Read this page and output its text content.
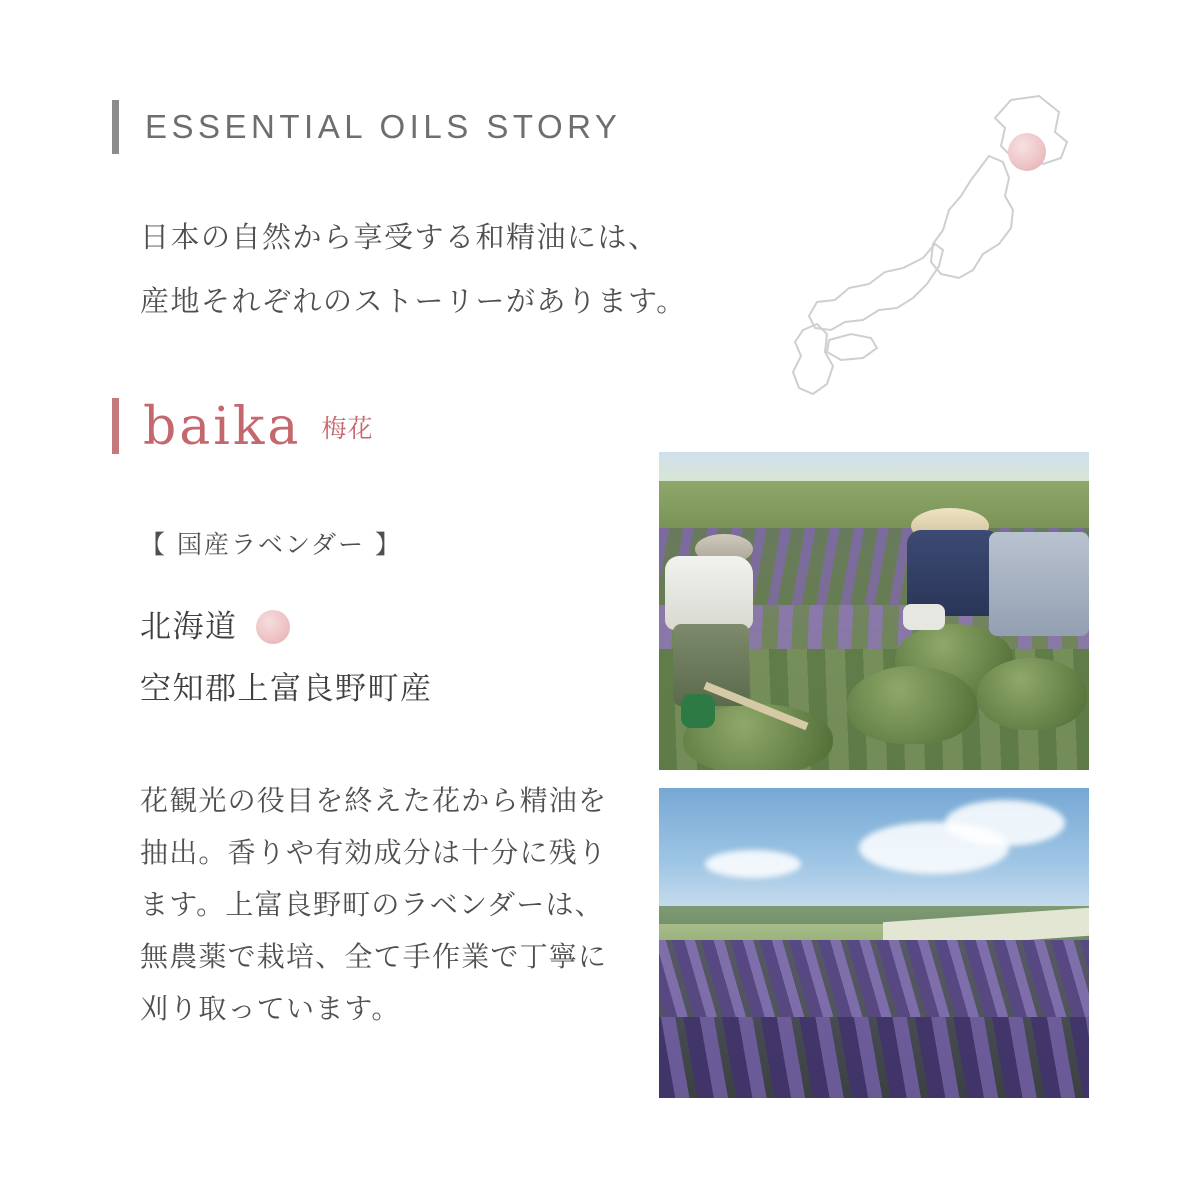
ESSENTIAL OILS STORY
日本の自然から享受する和精油には、
産地それぞれのストーリーがあります。
baika 梅花
【 国産ラベンダー 】
北海道
空知郡上富良野町産
花観光の役目を終えた花から精油を抽出。香りや有効成分は十分に残ります。上富良野町のラベンダーは、無農薬で栽培、全て手作業で丁寧に刈り取っています。
